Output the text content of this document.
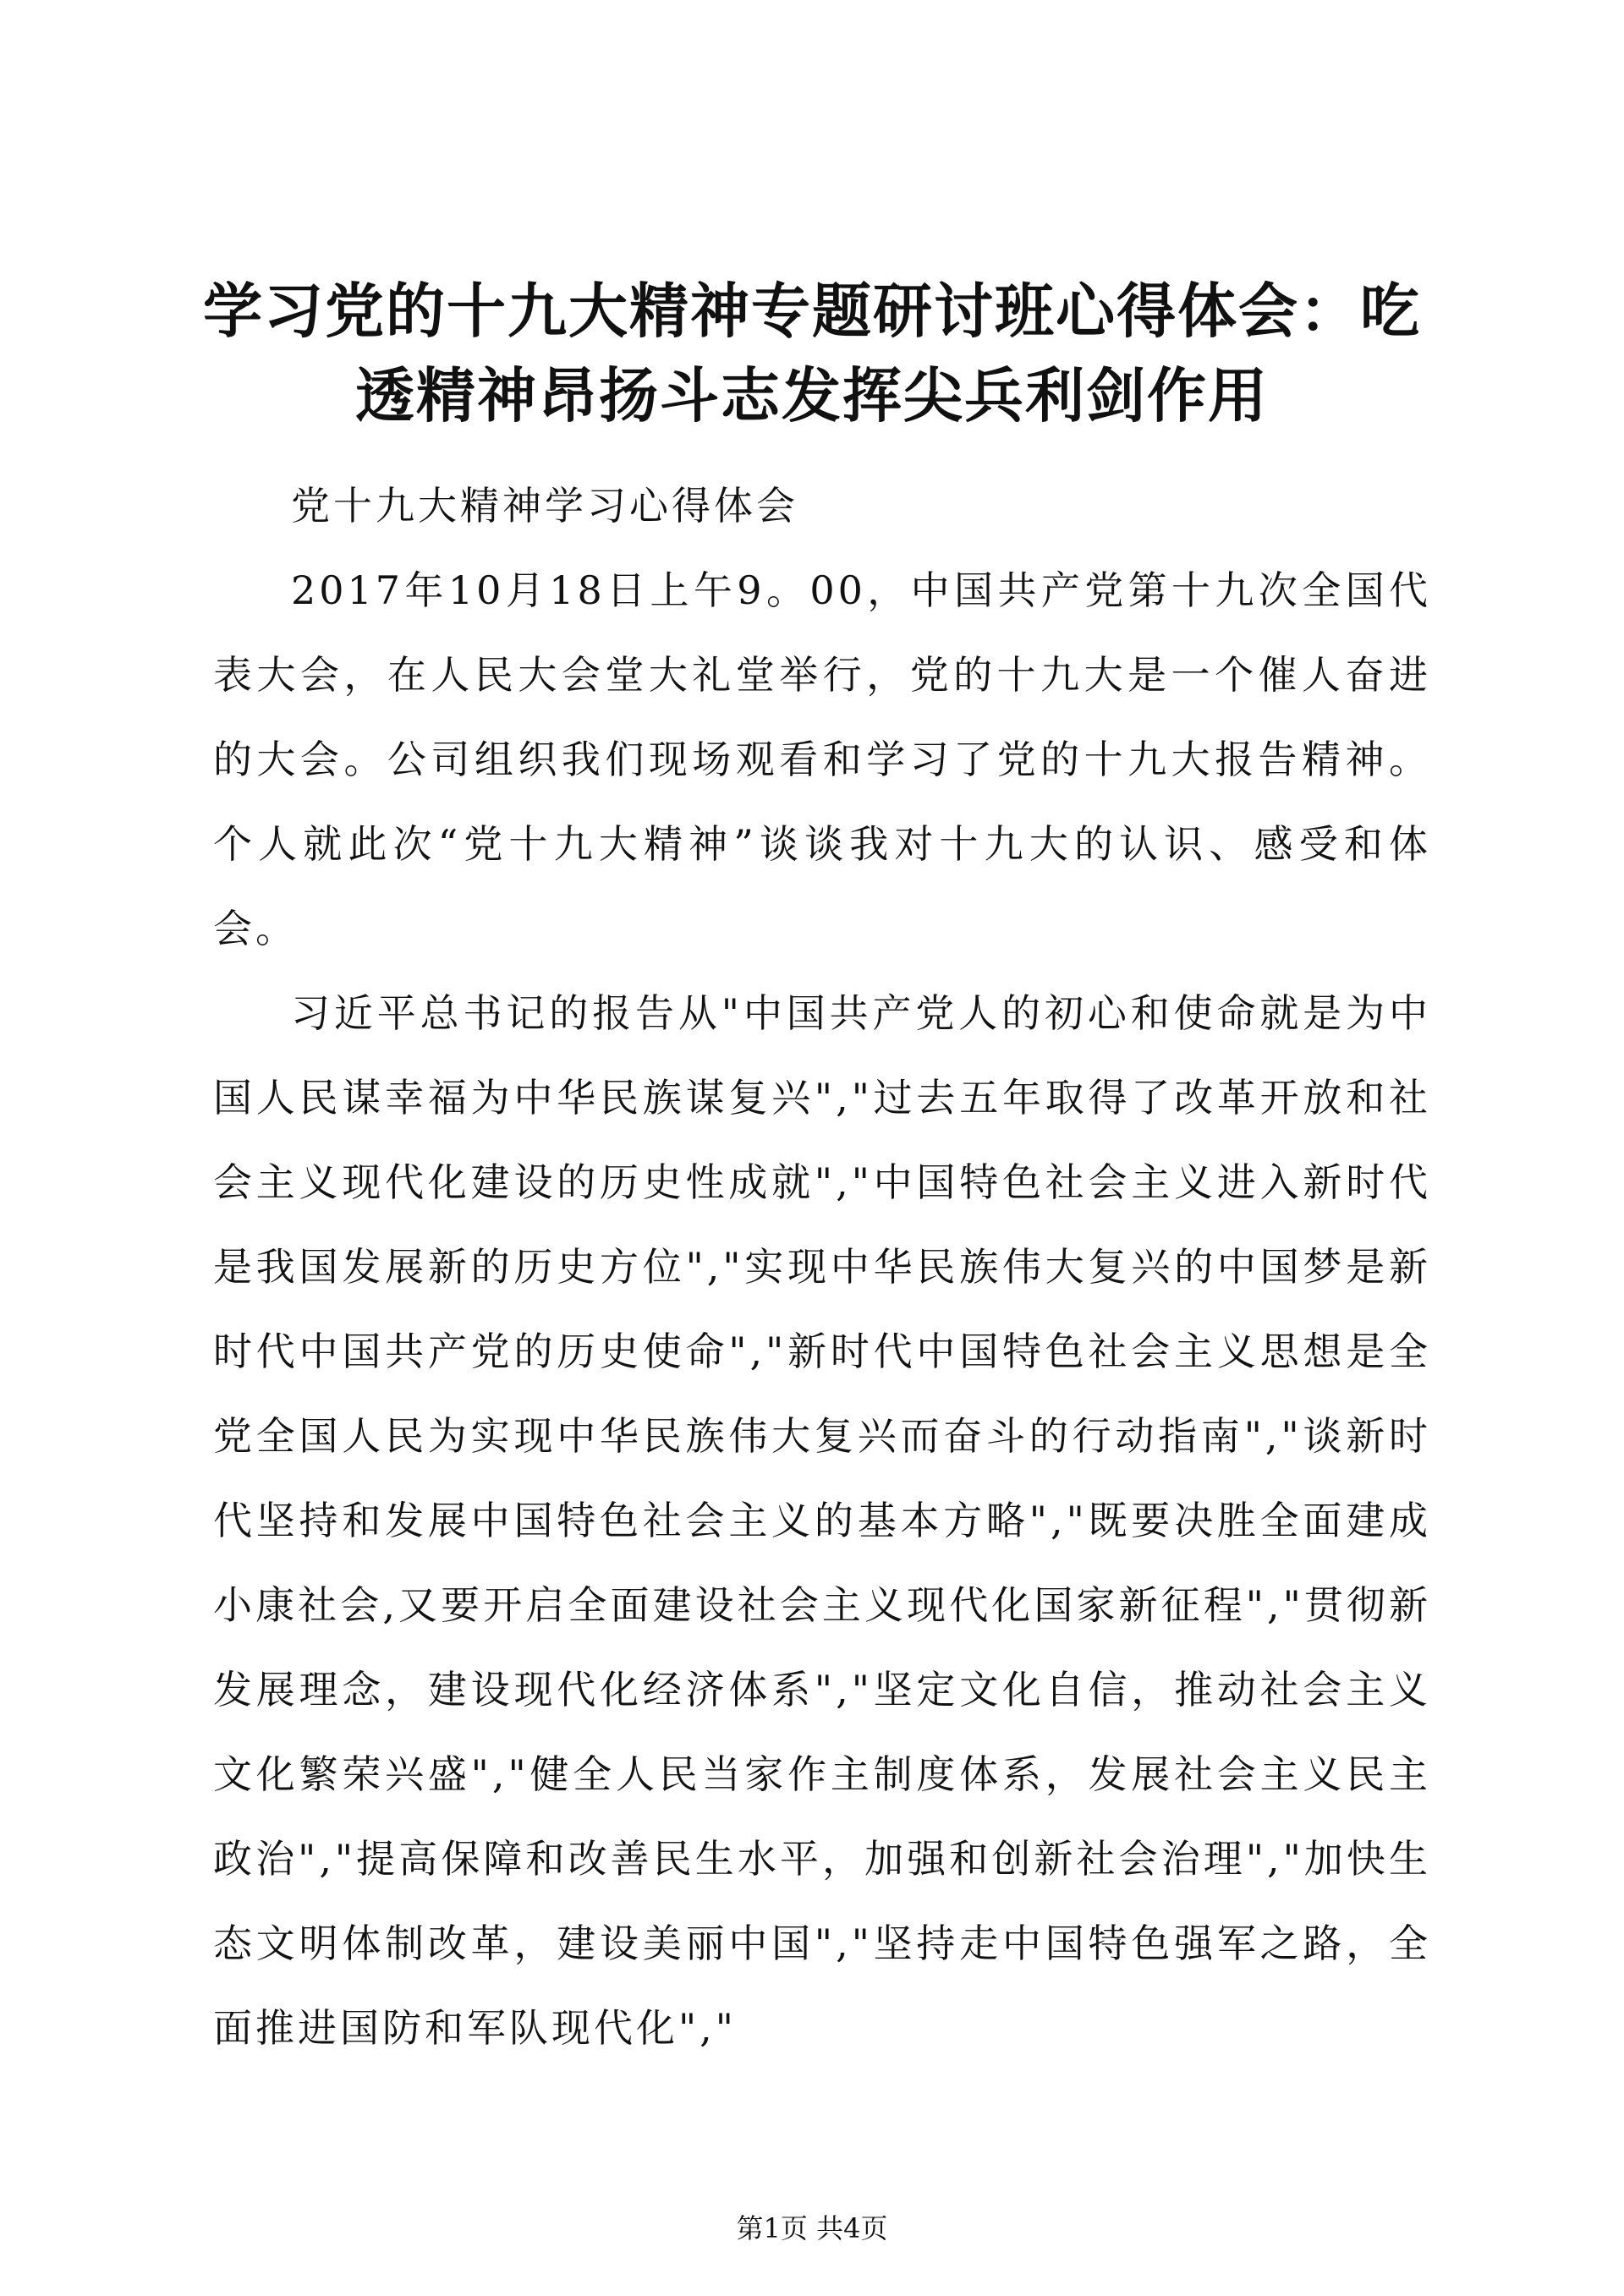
学习党的十九大精神专题研讨班心得体会：吃
透精神昂扬斗志发挥尖兵利剑作用

党十九大精神学习心得体会

2017年10月18日上午9。00，中国共产党第十九次全国代表大会，在人民大会堂大礼堂举行，党的十九大是一个催人奋进的大会。公司组织我们现场观看和学习了党的十九大报告精神。个人就此次“党十九大精神”谈谈我对十九大的认识、感受和体会。

习近平总书记的报告从"中国共产党人的初心和使命就是为中国人民谋幸福为中华民族谋复兴","过去五年取得了改革开放和社会主义现代化建设的历史性成就","中国特色社会主义进入新时代是我国发展新的历史方位","实现中华民族伟大复兴的中国梦是新时代中国共产党的历史使命","新时代中国特色社会主义思想是全党全国人民为实现中华民族伟大复兴而奋斗的行动指南","谈新时代坚持和发展中国特色社会主义的基本方略","既要决胜全面建成小康社会,又要开启全面建设社会主义现代化国家新征程","贯彻新发展理念，建设现代化经济体系","坚定文化自信，推动社会主义文化繁荣兴盛","健全人民当家作主制度体系，发展社会主义民主政治","提高保障和改善民生水平，加强和创新社会治理","加快生态文明体制改革，建设美丽中国","坚持走中国特色强军之路，全面推进国防和军队现代化","

第1页 共4页
